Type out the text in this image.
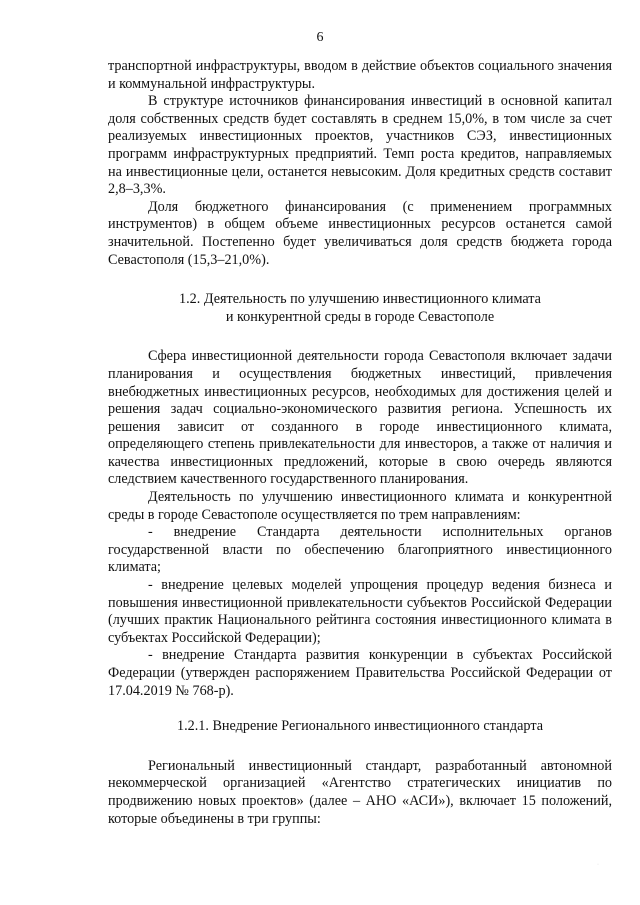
6

транспортной инфраструктуры, вводом в действие объектов социального значения и коммунальной инфраструктуры.

В структуре источников финансирования инвестиций в основной капитал доля собственных средств будет составлять в среднем 15,0%, в том числе за счет реализуемых инвестиционных проектов, участников СЭЗ, инвестиционных программ инфраструктурных предприятий. Темп роста кредитов, направляемых на инвестиционные цели, останется невысоким. Доля кредитных средств составит 2,8–3,3%.

Доля бюджетного финансирования (с применением программных инструментов) в общем объеме инвестиционных ресурсов останется самой значительной. Постепенно будет увеличиваться доля средств бюджета города Севастополя (15,3–21,0%).

1.2. Деятельность по улучшению инвестиционного климата

и конкурентной среды в городе Севастополе

Сфера инвестиционной деятельности города Севастополя включает задачи планирования и осуществления бюджетных инвестиций, привлечения внебюджетных инвестиционных ресурсов, необходимых для достижения целей и решения задач социально-экономического развития региона. Успешность их решения зависит от созданного в городе инвестиционного климата, определяющего степень привлекательности для инвесторов, а также от наличия и качества инвестиционных предложений, которые в свою очередь являются следствием качественного государственного планирования.

Деятельность по улучшению инвестиционного климата и конкурентной среды в городе Севастополе осуществляется по трем направлениям:

- внедрение Стандарта деятельности исполнительных органов государственной власти по обеспечению благоприятного инвестиционного климата;

- внедрение целевых моделей упрощения процедур ведения бизнеса и повышения инвестиционной привлекательности субъектов Российской Федерации (лучших практик Национального рейтинга состояния инвестиционного климата в субъектах Российской Федерации);

- внедрение Стандарта развития конкуренции в субъектах Российской Федерации (утвержден распоряжением Правительства Российской Федерации от 17.04.2019 № 768-р).

1.2.1. Внедрение Регионального инвестиционного стандарта

Региональный инвестиционный стандарт, разработанный автономной некоммерческой организацией «Агентство стратегических инициатив по продвижению новых проектов» (далее – АНО «АСИ»), включает 15 положений, которые объединены в три группы:

·
